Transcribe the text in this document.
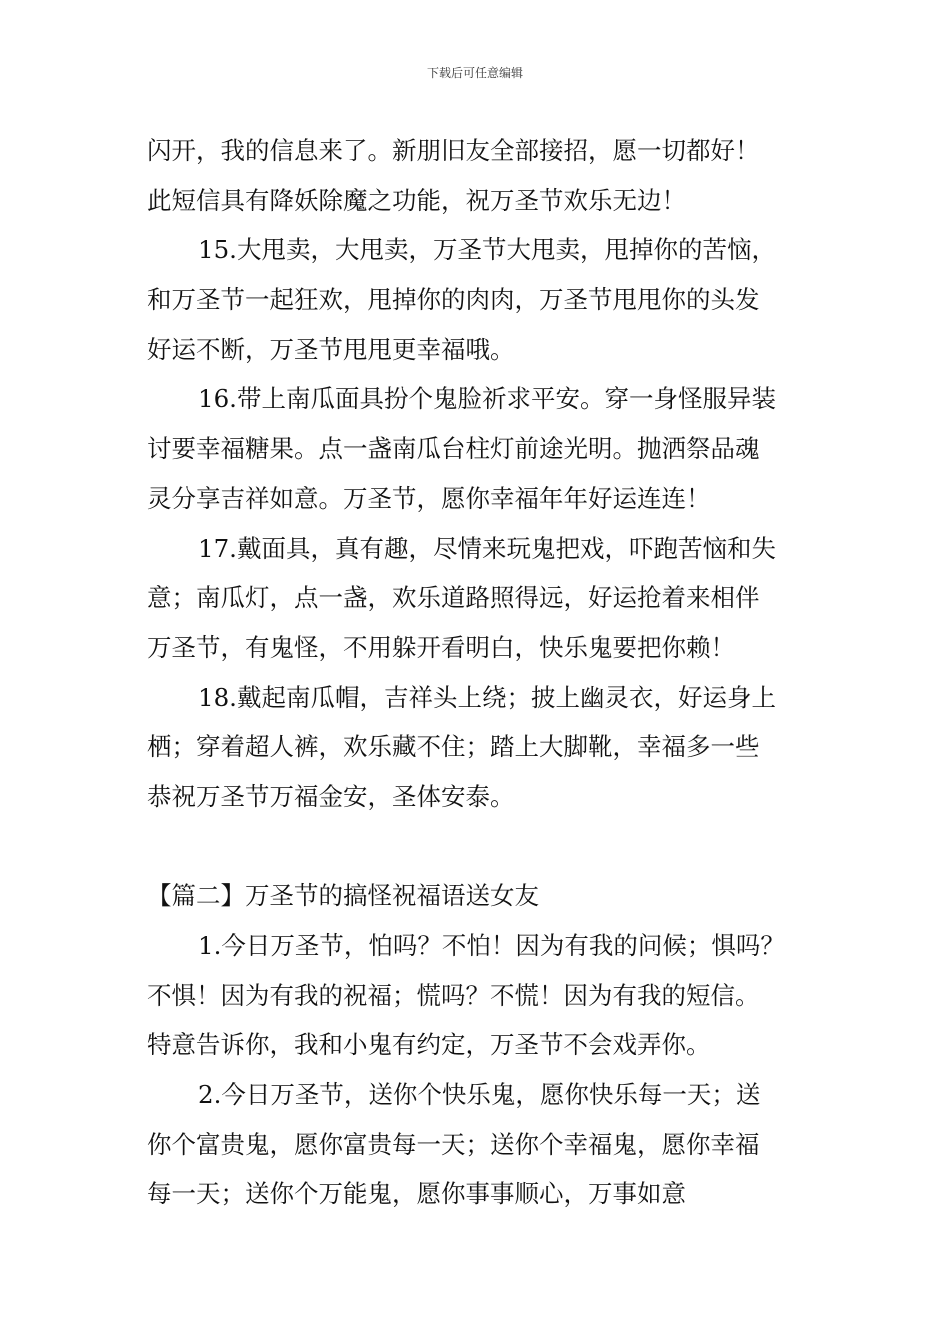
下载后可任意编辑
闪开，我的信息来了。新朋旧友全部接招，愿一切都好！
此短信具有降妖除魔之功能，祝万圣节欢乐无边！
15.大甩卖，大甩卖，万圣节大甩卖，甩掉你的苦恼，
和万圣节一起狂欢，甩掉你的肉肉，万圣节甩甩你的头发
好运不断，万圣节甩甩更幸福哦。
16.带上南瓜面具扮个鬼脸祈求平安。穿一身怪服异装
讨要幸福糖果。点一盏南瓜台柱灯前途光明。抛洒祭品魂
灵分享吉祥如意。万圣节，愿你幸福年年好运连连！
17.戴面具，真有趣，尽情来玩鬼把戏，吓跑苦恼和失
意；南瓜灯，点一盏，欢乐道路照得远，好运抢着来相伴
万圣节，有鬼怪，不用躲开看明白，快乐鬼要把你赖！
18.戴起南瓜帽，吉祥头上绕；披上幽灵衣，好运身上
栖；穿着超人裤，欢乐藏不住；踏上大脚靴，幸福多一些
恭祝万圣节万福金安，圣体安泰。
【篇二】万圣节的搞怪祝福语送女友
1.今日万圣节，怕吗？不怕！因为有我的问候；惧吗？
不惧！因为有我的祝福；慌吗？不慌！因为有我的短信。
特意告诉你，我和小鬼有约定，万圣节不会戏弄你。
2.今日万圣节，送你个快乐鬼，愿你快乐每一天；送
你个富贵鬼，愿你富贵每一天；送你个幸福鬼，愿你幸福
每一天；送你个万能鬼，愿你事事顺心，万事如意
